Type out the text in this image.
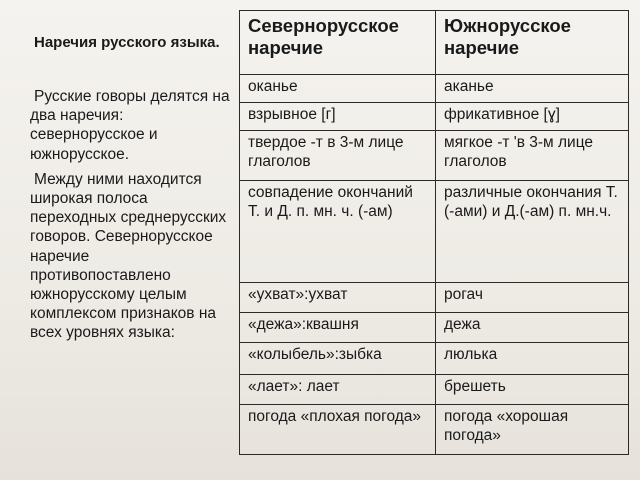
Наречия русского языка.

Русские говоры делятся на два наречия: севернорусское и южнорусское.

Между ними находится широкая полоса переходных среднерусских говоров. Севернорусское наречие противопоставлено южнорусскому целым комплексом признаков на всех уровнях языка:

Севернорусское наречие	Южнорусское наречие
оканье	аканье
взрывное [г]	фрикативное [ɣ]
твердое -т в 3-м лице глаголов	мягкое -т 'в 3-м лице глаголов
совпадение окончаний Т. и Д. п. мн. ч. (-ам)	различные окончания Т.(-ами) и Д.(-ам) п. мн.ч.
«ухват»:ухват	рогач
«дежа»:квашня	дежа
«колыбель»:зыбка	люлька
«лает»: лает	брешеть
погода «плохая погода»	погода «хорошая погода»
